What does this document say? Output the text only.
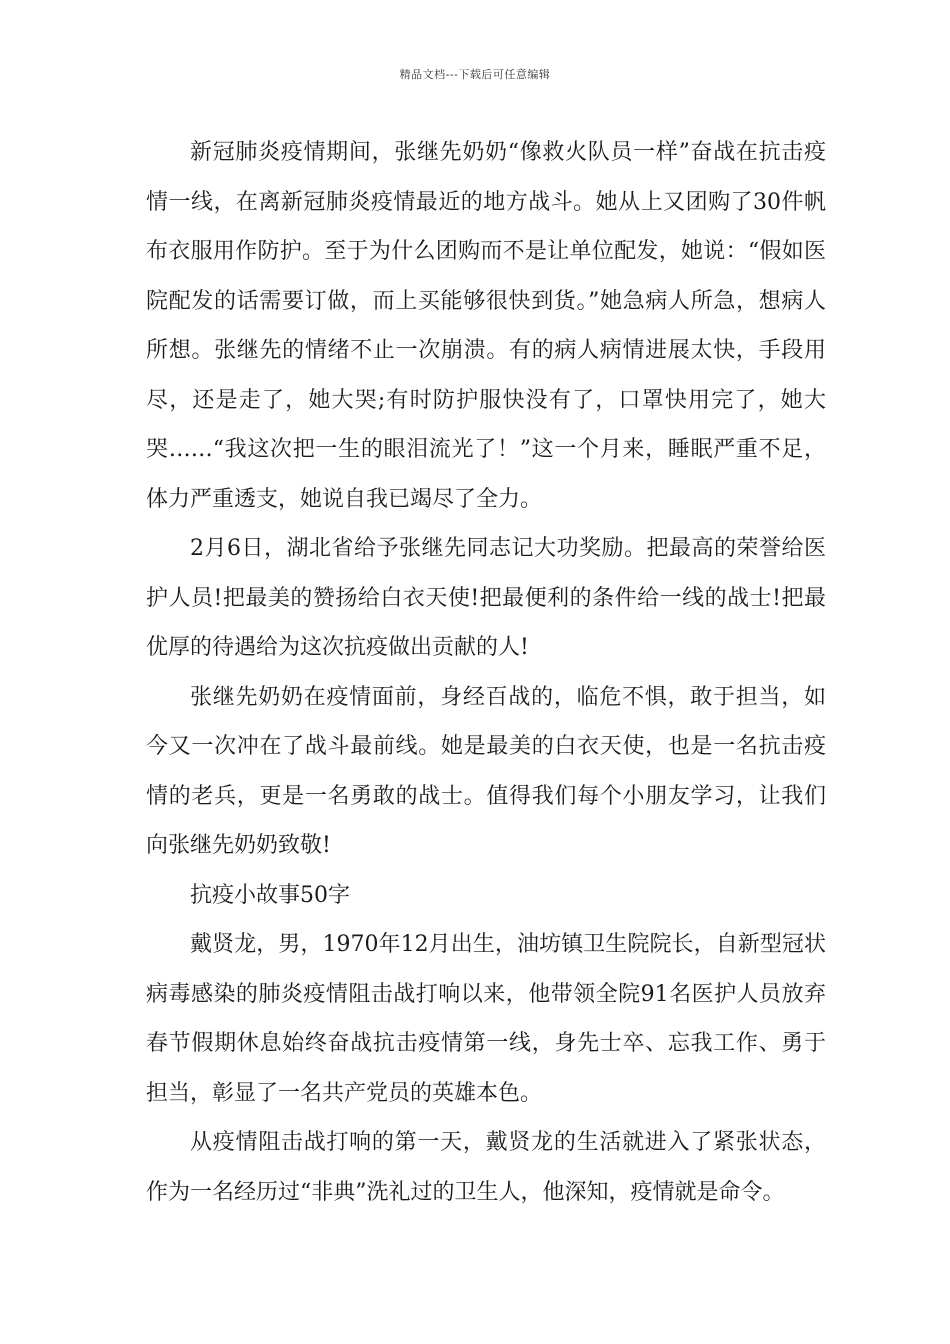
精品文档---下载后可任意编辑

新冠肺炎疫情期间，张继先奶奶“像救火队员一样”奋战在抗击疫情一线，在离新冠肺炎疫情最近的地方战斗。她从上又团购了30件帆布衣服用作防护。至于为什么团购而不是让单位配发，她说：“假如医院配发的话需要订做，而上买能够很快到货。”她急病人所急，想病人所想。张继先的情绪不止一次崩溃。有的病人病情进展太快，手段用尽，还是走了，她大哭;有时防护服快没有了，口罩快用完了，她大哭……“我这次把一生的眼泪流光了！”这一个月来，睡眠严重不足，体力严重透支，她说自我已竭尽了全力。

2月6日，湖北省给予张继先同志记大功奖励。把最高的荣誉给医护人员!把最美的赞扬给白衣天使!把最便利的条件给一线的战士!把最优厚的待遇给为这次抗疫做出贡献的人!

张继先奶奶在疫情面前，身经百战的，临危不惧，敢于担当，如今又一次冲在了战斗最前线。她是最美的白衣天使，也是一名抗击疫情的老兵，更是一名勇敢的战士。值得我们每个小朋友学习，让我们向张继先奶奶致敬!

抗疫小故事50字

戴贤龙，男，1970年12月出生，油坊镇卫生院院长，自新型冠状病毒感染的肺炎疫情阻击战打响以来，他带领全院91名医护人员放弃春节假期休息始终奋战抗击疫情第一线，身先士卒、忘我工作、勇于担当，彰显了一名共产党员的英雄本色。

从疫情阻击战打响的第一天，戴贤龙的生活就进入了紧张状态，作为一名经历过“非典”洗礼过的卫生人，他深知，疫情就是命令。
